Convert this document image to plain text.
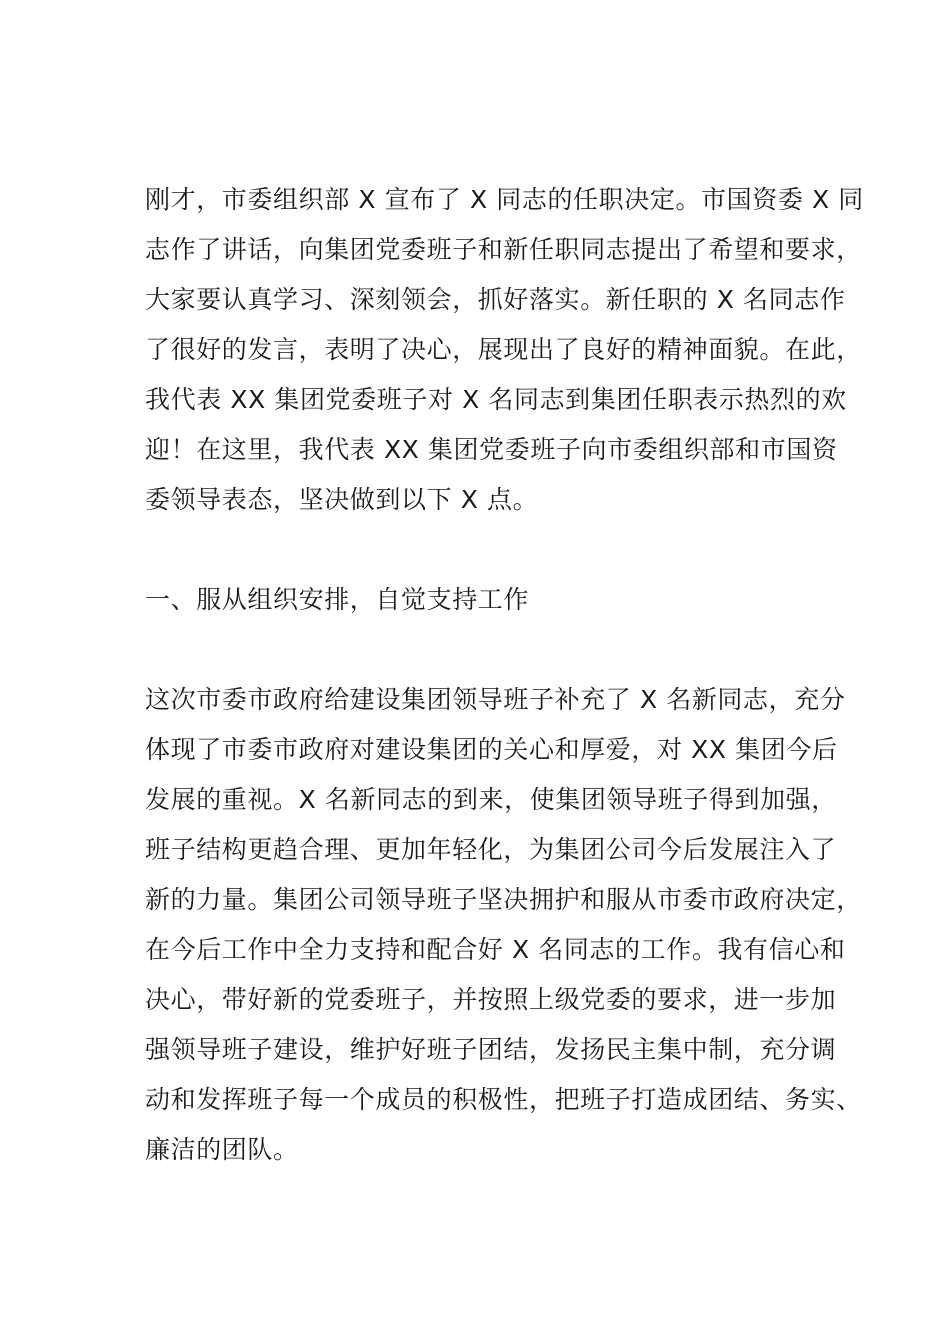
刚才，市委组织部 X 宣布了 X 同志的任职决定。市国资委 X 同

志作了讲话，向集团党委班子和新任职同志提出了希望和要求，

大家要认真学习、深刻领会，抓好落实。新任职的 X 名同志作

了很好的发言，表明了决心，展现出了良好的精神面貌。在此，

我代表 XX 集团党委班子对 X 名同志到集团任职表示热烈的欢

迎！在这里，我代表 XX 集团党委班子向市委组织部和市国资

委领导表态，坚决做到以下 X 点。

一、服从组织安排，自觉支持工作

这次市委市政府给建设集团领导班子补充了 X 名新同志，充分

体现了市委市政府对建设集团的关心和厚爱，对 XX 集团今后

发展的重视。X 名新同志的到来，使集团领导班子得到加强，

班子结构更趋合理、更加年轻化，为集团公司今后发展注入了

新的力量。集团公司领导班子坚决拥护和服从市委市政府决定，

在今后工作中全力支持和配合好 X 名同志的工作。我有信心和

决心，带好新的党委班子，并按照上级党委的要求，进一步加

强领导班子建设，维护好班子团结，发扬民主集中制，充分调

动和发挥班子每一个成员的积极性，把班子打造成团结、务实、

廉洁的团队。
